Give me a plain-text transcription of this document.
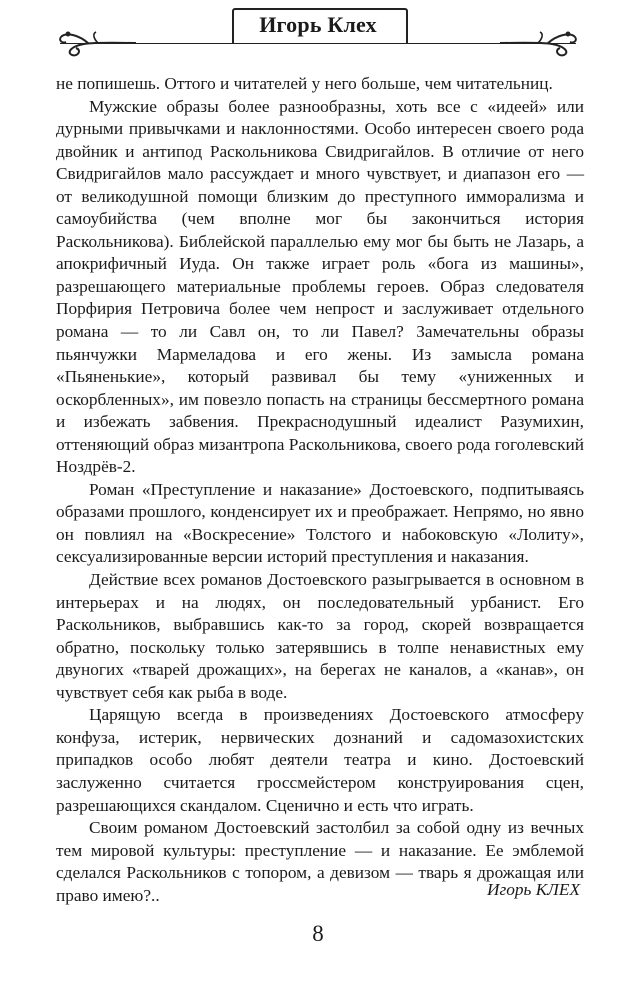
Игорь Клех

не попишешь. Оттого и читателей у него больше, чем читательниц.

Мужские образы более разнообразны, хоть все с «идеей» или дурными привычками и наклонностями. Особо интересен своего рода двойник и антипод Раскольникова Свидригайлов. В отличие от него Свидригайлов мало рассуждает и много чувствует, и диапазон его — от великодушной помощи близким до преступного имморализма и самоубийства (чем вполне мог бы закончиться история Раскольникова). Библейской параллелью ему мог бы быть не Лазарь, а апокрифичный Иуда. Он также играет роль «бога из машины», разрешающего материальные проблемы героев. Образ следователя Порфирия Петровича более чем непрост и заслуживает отдельного романа — то ли Савл он, то ли Павел? Замечательны образы пьянчужки Мармеладова и его жены. Из замысла романа «Пьяненькие», который развивал бы тему «униженных и оскорбленных», им повезло попасть на страницы бессмертного романа и избежать забвения. Прекраснодушный идеалист Разумихин, оттеняющий образ мизантропа Раскольникова, своего рода гоголевский Ноздрёв-2.

Роман «Преступление и наказание» Достоевского, подпитываясь образами прошлого, конденсирует их и преображает. Непрямо, но явно он повлиял на «Воскресение» Толстого и набоковскую «Лолиту», сексуализированные версии историй преступления и наказания.

Действие всех романов Достоевского разыгрывается в основном в интерьерах и на людях, он последовательный урбанист. Его Раскольников, выбравшись как-то за город, скорей возвращается обратно, поскольку только затерявшись в толпе ненавистных ему двуногих «тварей дрожащих», на берегах не каналов, а «канав», он чувствует себя как рыба в воде.

Царящую всегда в произведениях Достоевского атмосферу конфуза, истерик, нервических дознаний и садомазохистских припадков особо любят деятели театра и кино. Достоевский заслуженно считается гроссмейстером конструирования сцен, разрешающихся скандалом. Сценично и есть что играть.

Своим романом Достоевский застолбил за собой одну из вечных тем мировой культуры: преступление — и наказание. Ее эмблемой сделался Раскольников с топором, а девизом — тварь я дрожащая или право имею?..	Игорь КЛЕХ
8
